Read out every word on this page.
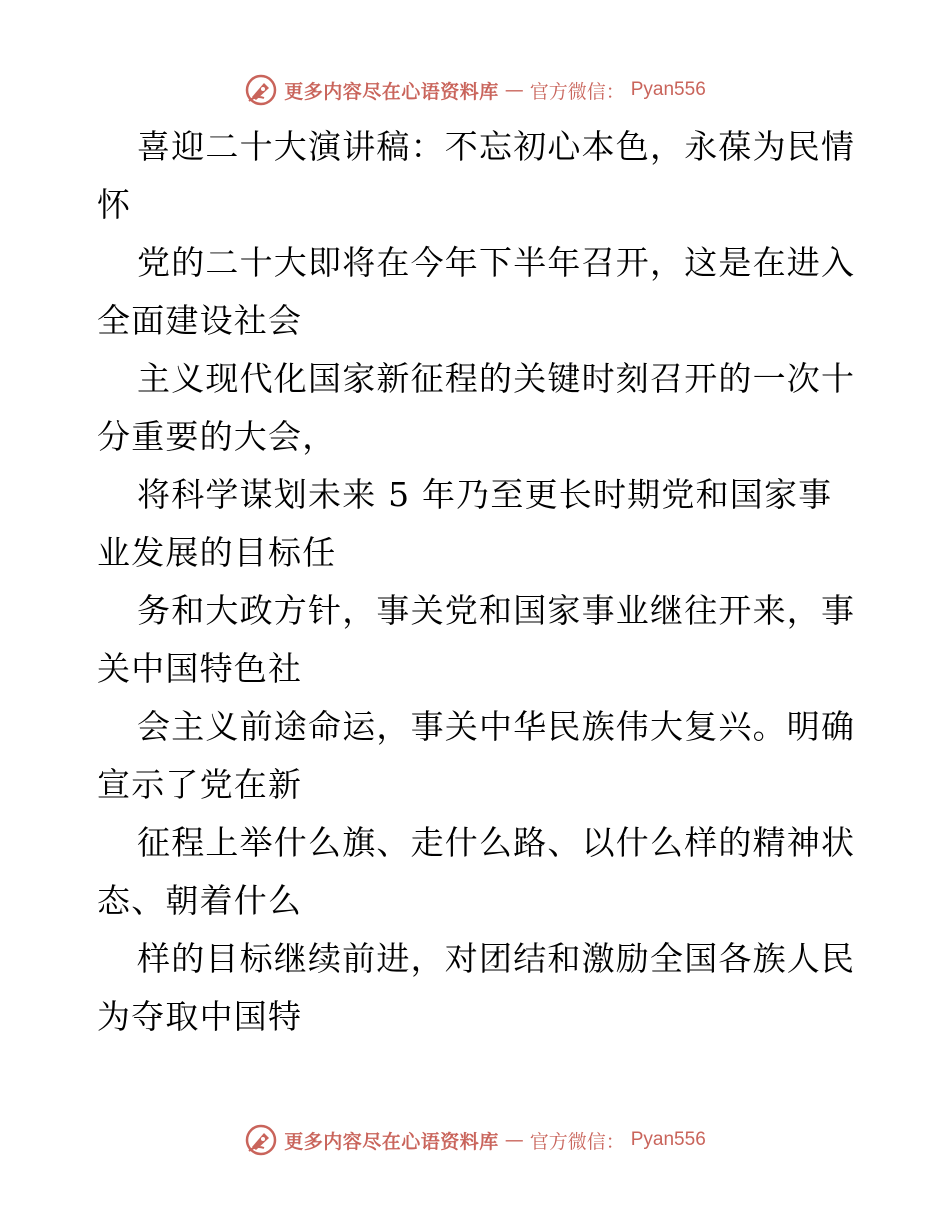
更多内容尽在心语资料库 — 官方微信： Pyan556

喜迎二十大演讲稿：不忘初心本色，永葆为民情怀

党的二十大即将在今年下半年召开，这是在进入全面建设社会

主义现代化国家新征程的关键时刻召开的一次十分重要的大会，

将科学谋划未来 5 年乃至更长时期党和国家事业发展的目标任

务和大政方针，事关党和国家事业继往开来，事关中国特色社

会主义前途命运，事关中华民族伟大复兴。明确宣示了党在新

征程上举什么旗、走什么路、以什么样的精神状态、朝着什么

样的目标继续前进，对团结和激励全国各族人民为夺取中国特

更多内容尽在心语资料库 — 官方微信： Pyan556
